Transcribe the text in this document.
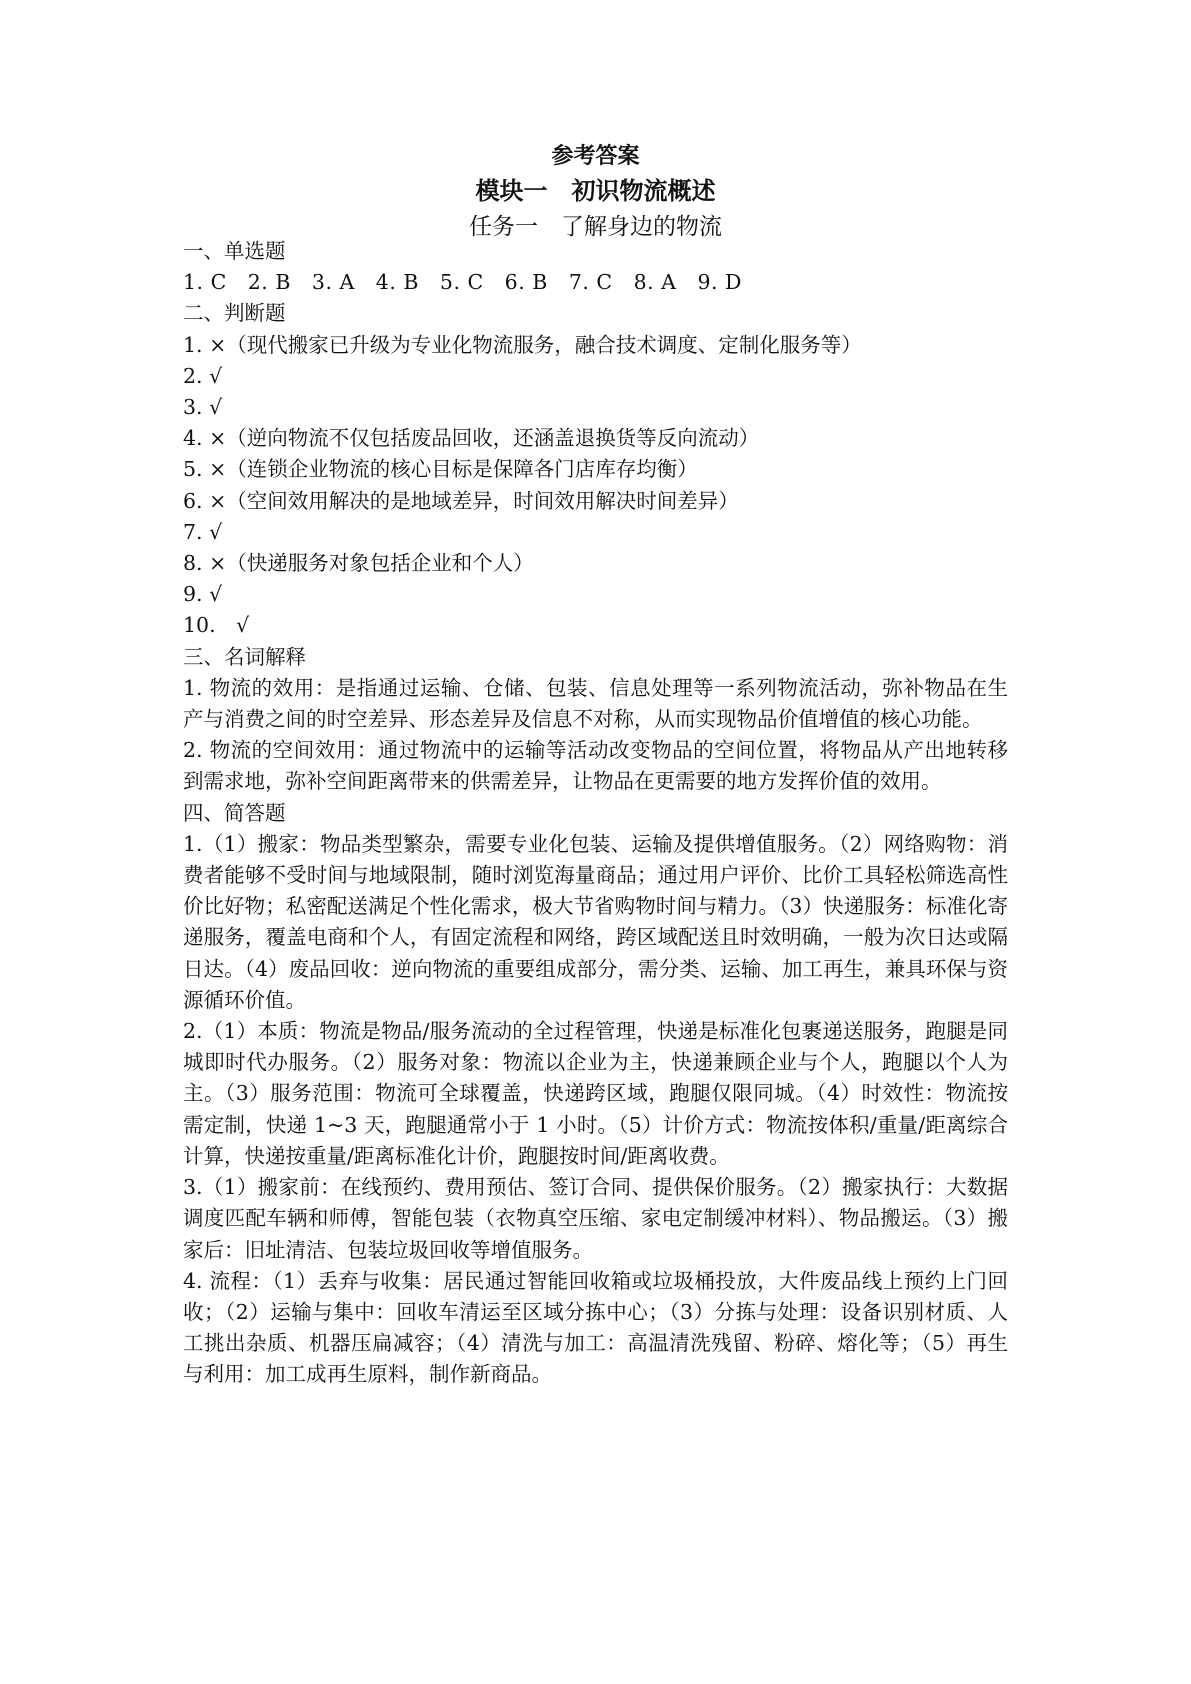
参考答案

模块一　初识物流概述

任务一　了解身边的物流

一、单选题

1. C　2. B　3. A　4. B　5. C　6. B　7. C　8. A　9. D

二、判断题

1. ×（现代搬家已升级为专业化物流服务，融合技术调度、定制化服务等）

2. √

3. √

4. ×（逆向物流不仅包括废品回收，还涵盖退换货等反向流动）

5. ×（连锁企业物流的核心目标是保障各门店库存均衡）

6. ×（空间效用解决的是地域差异，时间效用解决时间差异）

7. √

8. ×（快递服务对象包括企业和个人）

9. √

10.　√

三、名词解释

1. 物流的效用：是指通过运输、仓储、包装、信息处理等一系列物流活动，弥补物品在生产与消费之间的时空差异、形态差异及信息不对称，从而实现物品价值增值的核心功能。

2. 物流的空间效用：通过物流中的运输等活动改变物品的空间位置，将物品从产出地转移到需求地，弥补空间距离带来的供需差异，让物品在更需要的地方发挥价值的效用。

四、简答题

1.（1）搬家：物品类型繁杂，需要专业化包装、运输及提供增值服务。（2）网络购物：消费者能够不受时间与地域限制，随时浏览海量商品；通过用户评价、比价工具轻松筛选高性价比好物；私密配送满足个性化需求，极大节省购物时间与精力。（3）快递服务：标准化寄递服务，覆盖电商和个人，有固定流程和网络，跨区域配送且时效明确，一般为次日达或隔日达。（4）废品回收：逆向物流的重要组成部分，需分类、运输、加工再生，兼具环保与资源循环价值。

2.（1）本质：物流是物品/服务流动的全过程管理，快递是标准化包裹递送服务，跑腿是同城即时代办服务。（2）服务对象：物流以企业为主，快递兼顾企业与个人，跑腿以个人为主。（3）服务范围：物流可全球覆盖，快递跨区域，跑腿仅限同城。（4）时效性：物流按需定制，快递 1~3 天，跑腿通常小于 1 小时。（5）计价方式：物流按体积/重量/距离综合计算，快递按重量/距离标准化计价，跑腿按时间/距离收费。

3.（1）搬家前：在线预约、费用预估、签订合同、提供保价服务。（2）搬家执行：大数据调度匹配车辆和师傅，智能包装（衣物真空压缩、家电定制缓冲材料）、物品搬运。（3）搬家后：旧址清洁、包装垃圾回收等增值服务。

4. 流程：（1）丢弃与收集：居民通过智能回收箱或垃圾桶投放，大件废品线上预约上门回收；（2）运输与集中：回收车清运至区域分拣中心；（3）分拣与处理：设备识别材质、人工挑出杂质、机器压扁减容；（4）清洗与加工：高温清洗残留、粉碎、熔化等；（5）再生与利用：加工成再生原料，制作新商品。
